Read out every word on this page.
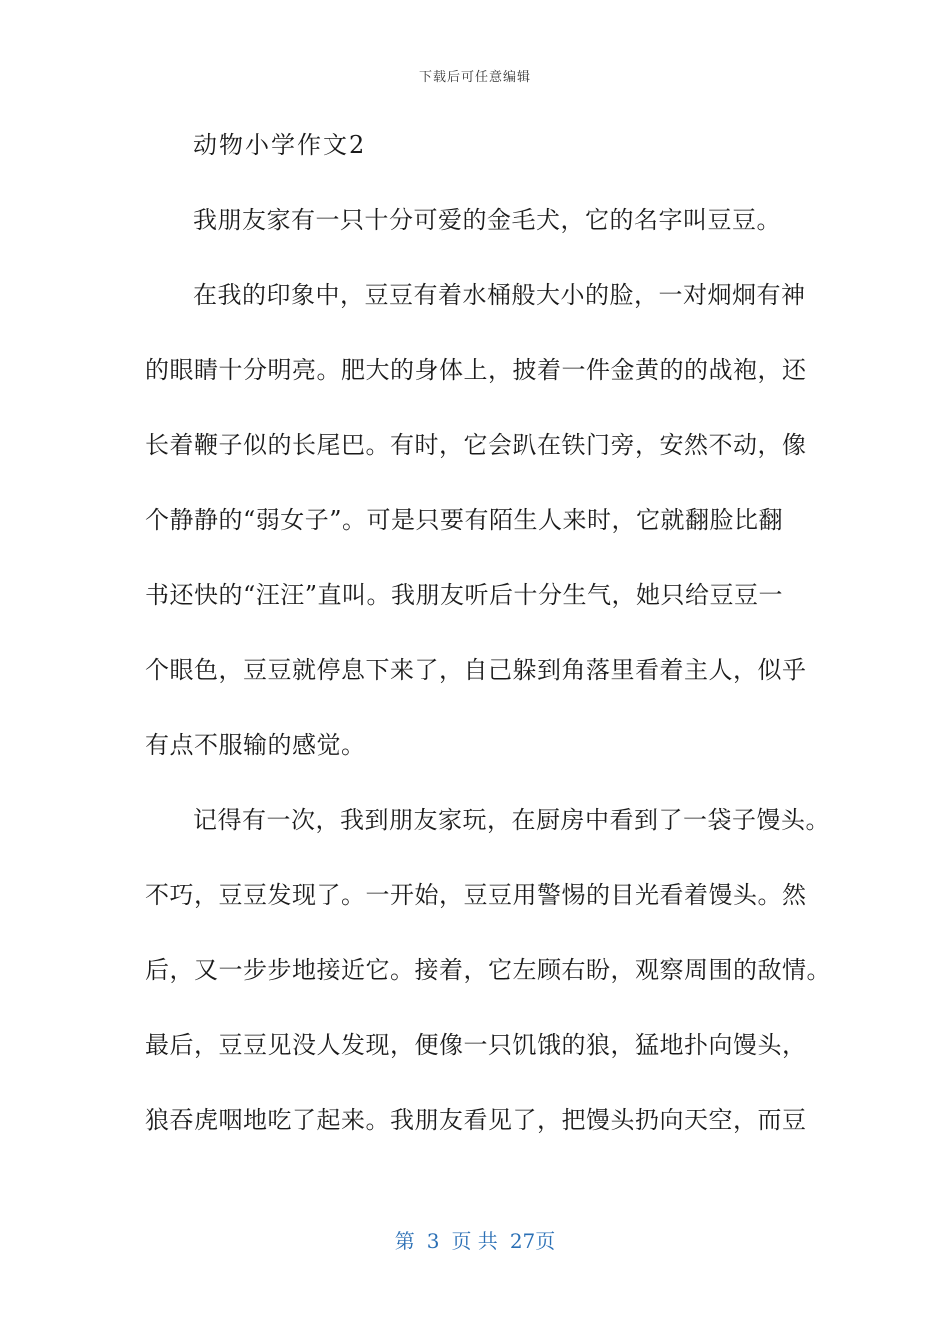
下载后可任意编辑
动物小学作文2
我朋友家有一只十分可爱的金毛犬，它的名字叫豆豆。
在我的印象中，豆豆有着水桶般大小的脸，一对炯炯有神
的眼睛十分明亮。肥大的身体上，披着一件金黄的的战袍，还
长着鞭子似的长尾巴。有时，它会趴在铁门旁，安然不动，像
个静静的“弱女子”。可是只要有陌生人来时，它就翻脸比翻
书还快的“汪汪”直叫。我朋友听后十分生气，她只给豆豆一
个眼色，豆豆就停息下来了，自己躲到角落里看着主人，似乎
有点不服输的感觉。
记得有一次，我到朋友家玩，在厨房中看到了一袋子馒头。
不巧，豆豆发现了。一开始，豆豆用警惕的目光看着馒头。然
后，又一步步地接近它。接着，它左顾右盼，观察周围的敌情。
最后，豆豆见没人发现，便像一只饥饿的狼，猛地扑向馒头，
狼吞虎咽地吃了起来。我朋友看见了，把馒头扔向天空，而豆
第 3 页 共 27页
